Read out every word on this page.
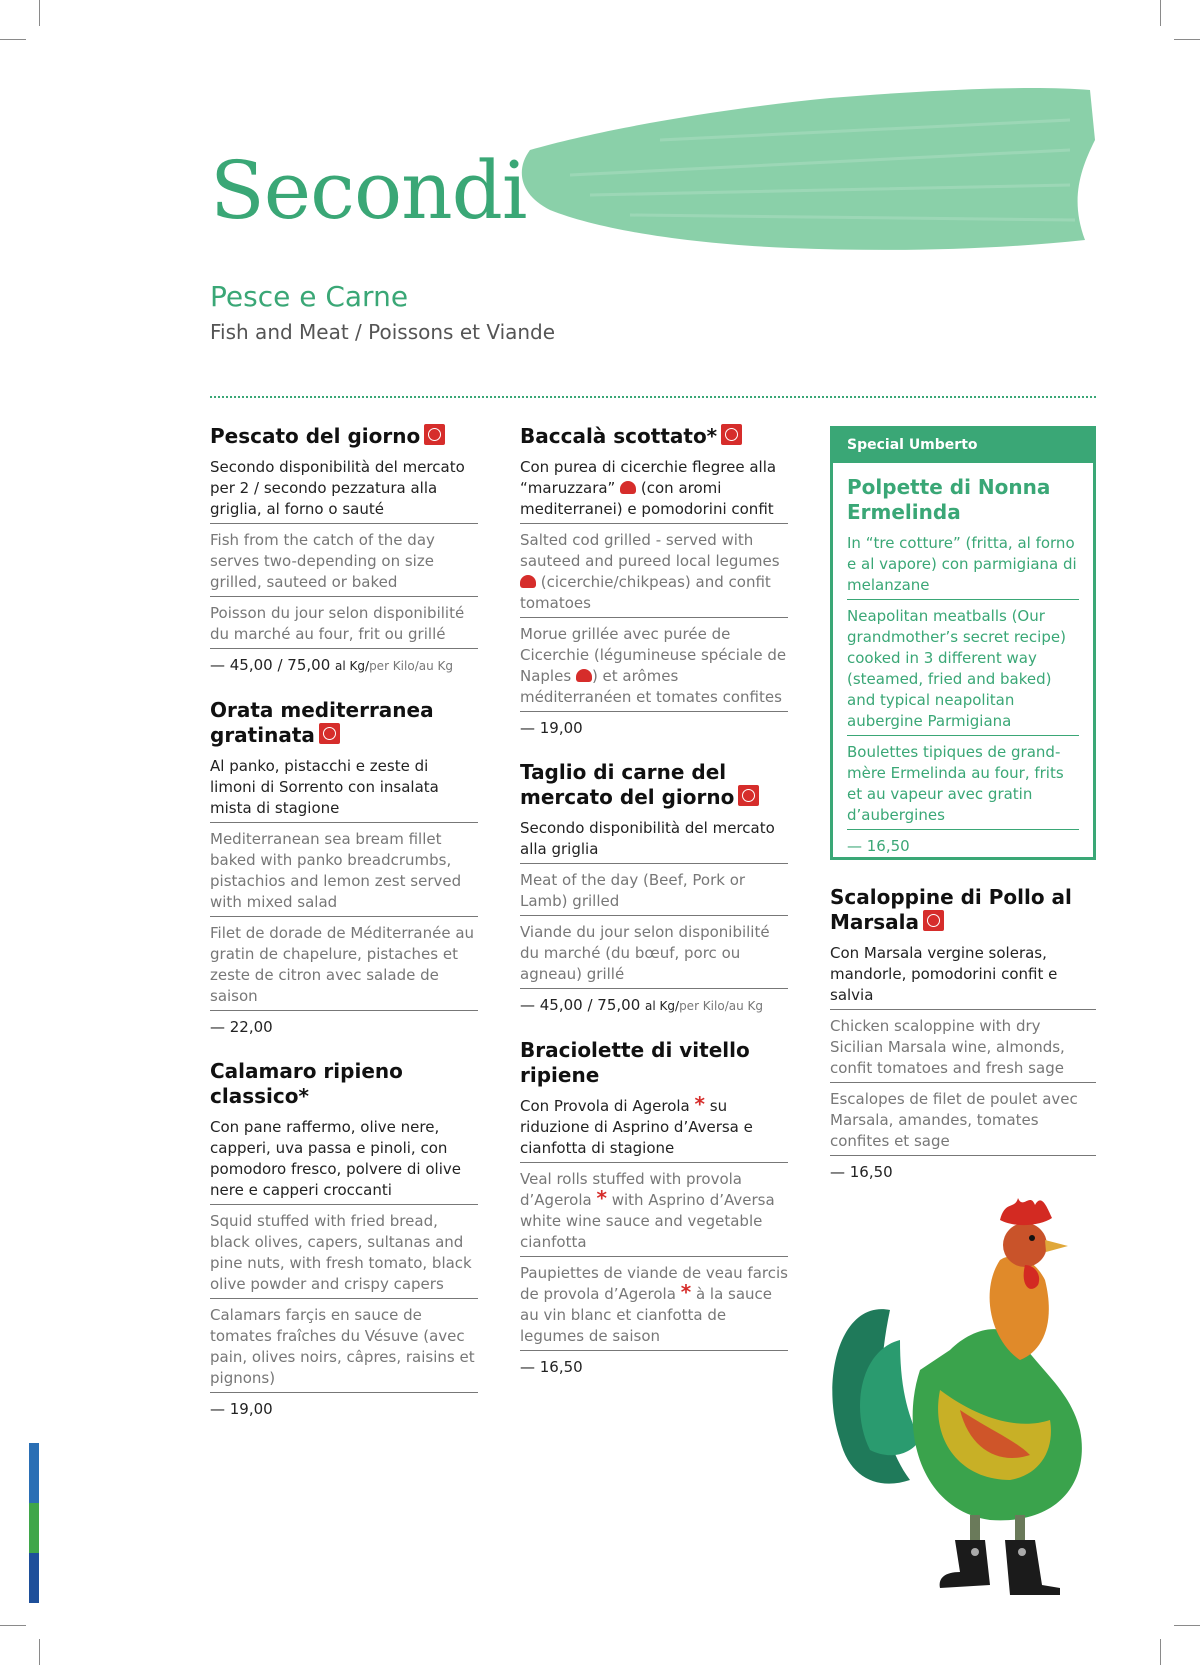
Secondi
Pesce e Carne
Fish and Meat / Poissons et Viande
Pescato del giorno
Secondo disponibilità del mercato per 2 / secondo pezzatura alla griglia, al forno o sauté
Fish from the catch of the day serves two-depending on size grilled, sauteed or baked
Poisson du jour selon disponibilité du marché au four, frit ou grillé
— 45,00 / 75,00 al Kg/per Kilo/au Kg
Orata mediterranea gratinata
Al panko, pistacchi e zeste di limoni di Sorrento con insalata mista di stagione
Mediterranean sea bream fillet baked with panko breadcrumbs, pistachios and lemon zest served with mixed salad
Filet de dorade de Méditerranée au gratin de chapelure, pistaches et zeste de citron avec salade de saison
— 22,00
Calamaro ripieno classico*
Con pane raffermo, olive nere, capperi, uva passa e pinoli, con pomodoro fresco, polvere di olive nere e capperi croccanti
Squid stuffed with fried bread, black olives, capers, sultanas and pine nuts, with fresh tomato, black olive powder and crispy capers
Calamars farçis en sauce de tomates fraîches du Vésuve (avec pain, olives noirs, câpres, raisins et pignons)
— 19,00
Baccalà scottato*
Con purea di cicerchie flegree alla “maruzzara” (con aromi mediterranei) e pomodorini confit
Salted cod grilled - served with sauteed and pureed local legumes  (cicerchie/chikpeas) and confit tomatoes
Morue grillée avec purée de Cicerchie (légumineuse spéciale de Naples ) et arômes méditerranéen et tomates confites
— 19,00
Taglio di carne del mercato del giorno
Secondo disponibilità del mercato alla griglia
Meat of the day (Beef, Pork or Lamb) grilled
Viande du jour selon disponibilité du marché (du bœuf, porc ou agneau) grillé
— 45,00 / 75,00 al Kg/per Kilo/au Kg
Braciolette di vitello ripiene
Con Provola di Agerola * su riduzione di Asprino d’Aversa e cianfotta di stagione
Veal rolls stuffed with provola d’Agerola * with Asprino d’Aversa white wine sauce and vegetable cianfotta
Paupiettes de viande de veau farcis de provola d’Agerola * à la sauce au vin blanc et cianfotta de legumes de saison
— 16,50
Special Umberto
Polpette di Nonna Ermelinda
In “tre cotture” (fritta, al forno e al vapore) con parmigiana di melanzane
Neapolitan meatballs (Our grandmother’s secret recipe) cooked in 3 different way (steamed, fried and baked) and typical neapolitan aubergine Parmigiana
Boulettes tipiques de grand-mère Ermelinda au four, frits et au vapeur avec gratin d’aubergines
— 16,50
Scaloppine di Pollo al Marsala
Con Marsala vergine soleras, mandorle, pomodorini confit e salvia
Chicken scaloppine with dry Sicilian Marsala wine, almonds, confit tomatoes and fresh sage
Escalopes de filet de poulet avec Marsala, amandes, tomates confites et sage
— 16,50
